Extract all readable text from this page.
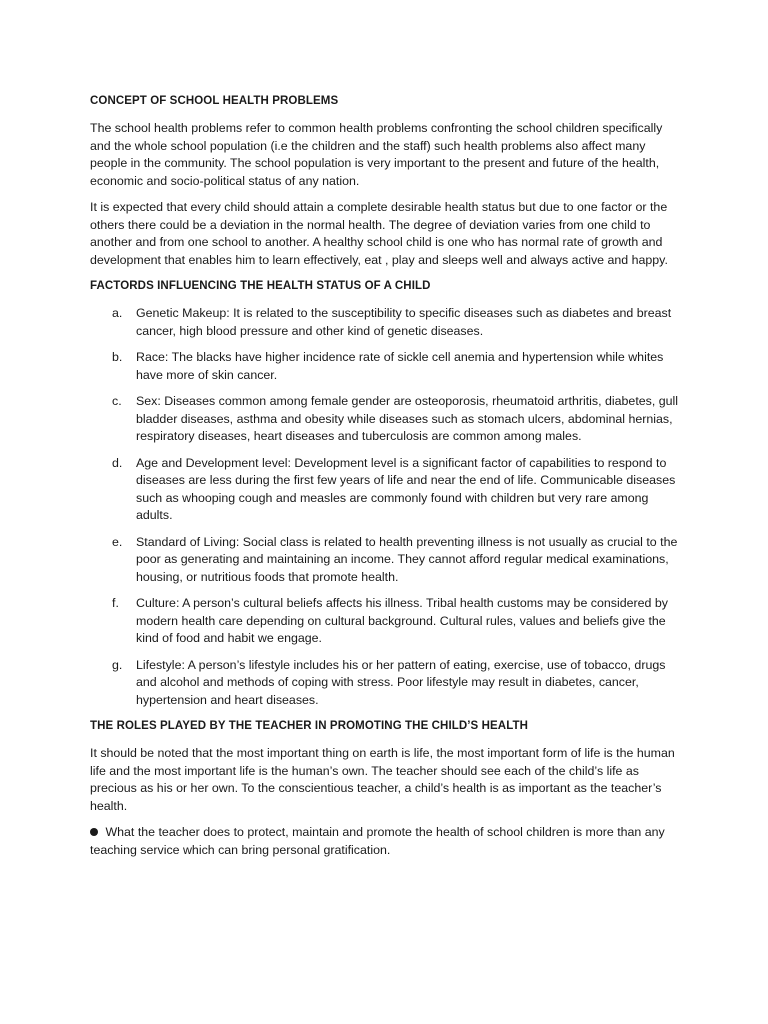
CONCEPT OF SCHOOL HEALTH PROBLEMS

The school health problems refer to common health problems confronting the school children specifically and the whole school population (i.e the children and the staff) such health problems also affect many people in the community. The school population is very important to the present and future of the health, economic and socio-political status of any nation.

It is expected that every child should attain a complete desirable health status but due to one factor or the others there could be a deviation in the normal health. The degree of deviation varies from one child to another and from one school to another. A healthy school child is one who has normal rate of growth and development that enables him to learn effectively, eat , play and sleeps well and always active and happy.

FACTORDS INFLUENCING THE HEALTH STATUS OF A CHILD
a. Genetic Makeup: It is related to the susceptibility to specific diseases such as diabetes and breast cancer, high blood pressure and other kind of genetic diseases.
b. Race: The blacks have higher incidence rate of sickle cell anemia and hypertension while whites have more of skin cancer.
c. Sex: Diseases common among female gender are osteoporosis, rheumatoid arthritis, diabetes, gull bladder diseases, asthma and obesity while diseases such as stomach ulcers, abdominal hernias, respiratory diseases, heart diseases and tuberculosis are common among males.
d. Age and Development level: Development level is a significant factor of capabilities to respond to diseases are less during the first few years of life and near the end of life. Communicable diseases such as whooping cough and measles are commonly found with children but very rare among adults.
e. Standard of Living: Social class is related to health preventing illness is not usually as crucial to the poor as generating and maintaining an income. They cannot afford regular medical examinations, housing, or nutritious foods that promote health.
f. Culture: A person’s cultural beliefs affects his illness. Tribal health customs may be considered by modern health care depending on cultural background. Cultural rules, values and beliefs give the kind of food and habit we engage.
g. Lifestyle: A person’s lifestyle includes his or her pattern of eating, exercise, use of tobacco, drugs and alcohol and methods of coping with stress. Poor lifestyle may result in diabetes, cancer, hypertension and heart diseases.
THE ROLES PLAYED BY THE TEACHER IN PROMOTING THE CHILD’S HEALTH

It should be noted that the most important thing on earth is life, the most important form of life is the human life and the most important life is the human’s own. The teacher should see each of the child’s life as precious as his or her own. To the conscientious teacher, a child’s health is as important as the teacher’s health.

What the teacher does to protect, maintain and promote the health of school children is more than any teaching service which can bring personal gratification.
